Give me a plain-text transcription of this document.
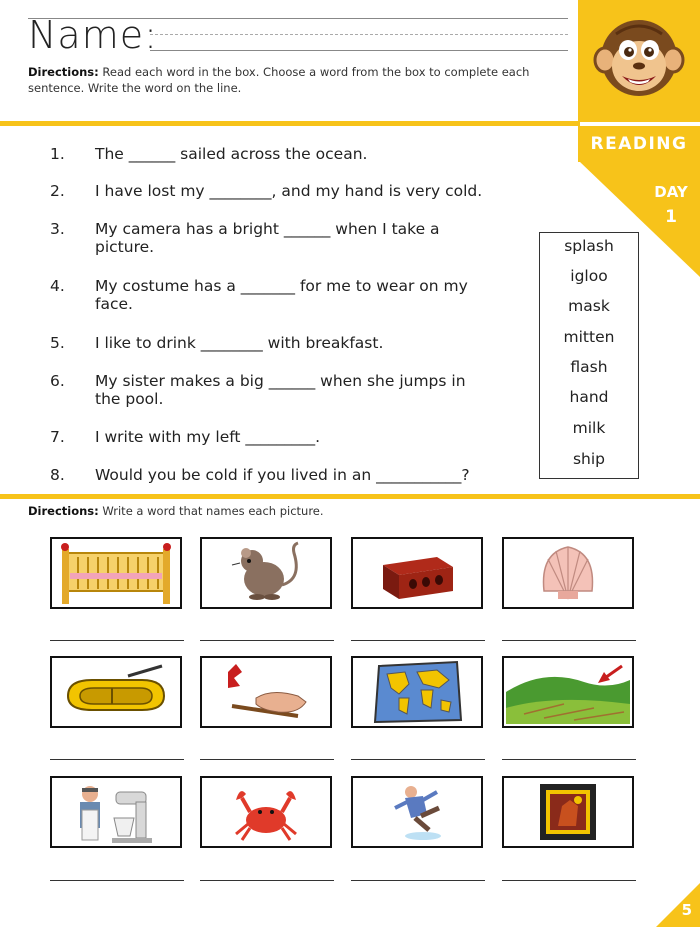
Name:
Directions: Read each word in the box. Choose a word from the box to complete each sentence. Write the word on the line.
READING
DAY
1
1.	The ______ sailed across the ocean.
2.	I have lost my ________, and my hand is very cold.
3.	My camera has a bright ______ when I take a picture.
4.	My costume has a _______ for me to wear on my face.
5.	I like to drink ________ with breakfast.
6.	My sister makes a big ______ when she jumps in the pool.
7.	I write with my left _________.
8.	Would you be cold if you lived in an ___________?
splash
igloo
mask
mitten
flash
hand
milk
ship
Directions: Write a word that names each picture.
5
